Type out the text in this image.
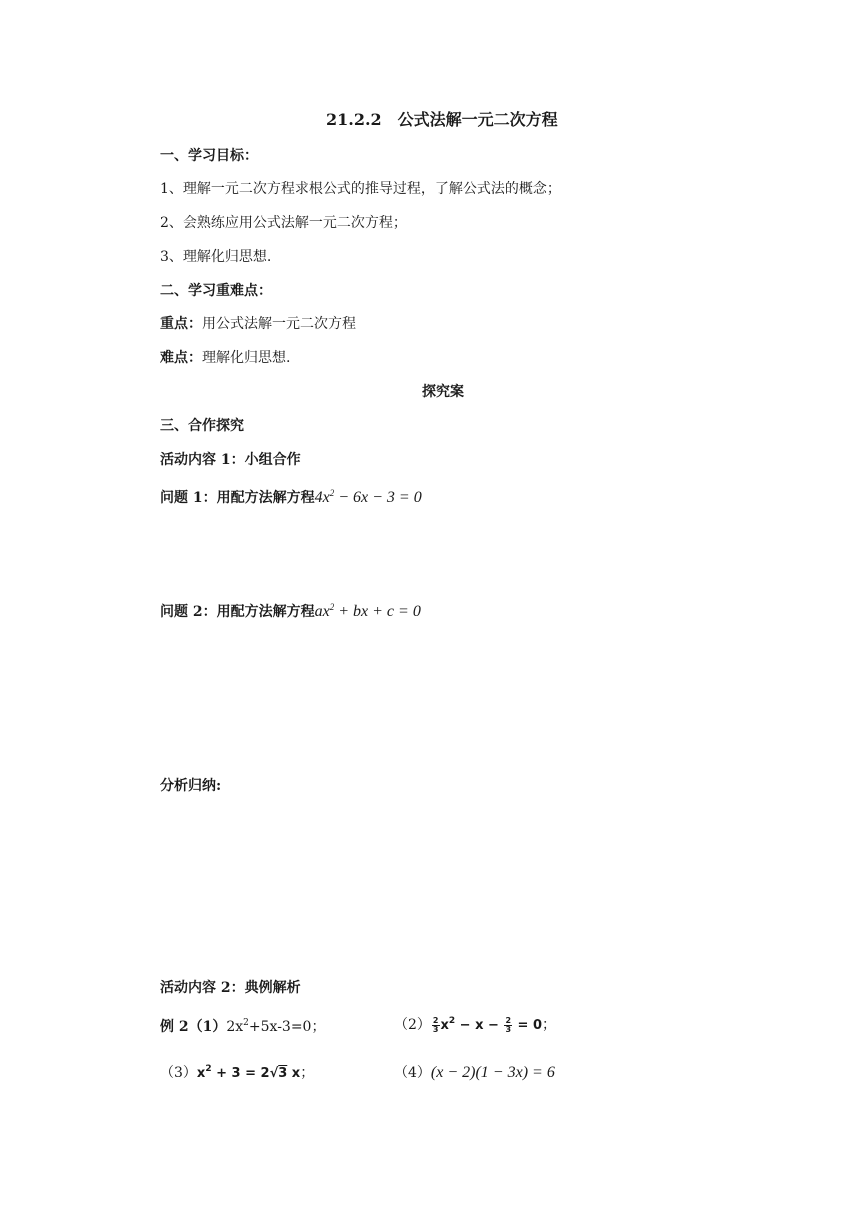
21.2.2　公式法解一元二次方程
一、学习目标：
1、理解一元二次方程求根公式的推导过程，了解公式法的概念；
2、会熟练应用公式法解一元二次方程；
3、理解化归思想.
二、学习重难点：
重点：用公式法解一元二次方程
难点：理解化归思想.
探究案
三、合作探究
活动内容 1：小组合作
问题 1：用配方法解方程$4x^2 - 6x - 3 = 0$
问题 2：用配方法解方程$ax^2$ + bx + c = 0
分析归纳:
活动内容 2：典例解析
例 $2(1)2x^2+5x-3=0$；	$(2) \frac{2}{3} x^2 - x - \frac{2}{3} = 0$；
$(3)x^2 + 3 = 2√3$ x；	（4）(x − 2)(1 − 3x) = 6
